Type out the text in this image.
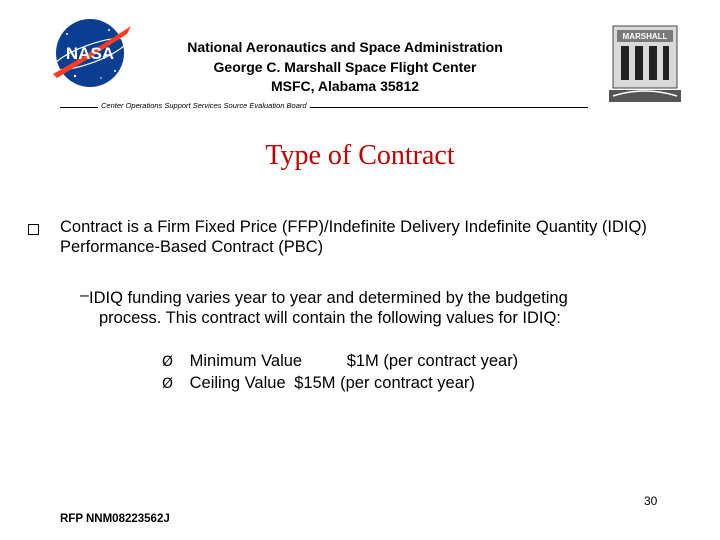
NASA	National Aeronautics and Space Administration
George C. Marshall Space Flight Center
MSFC, Alabama 35812
Center Operations Support Services Source Evaluation Board
MARSHALL
Type of Contract
Contract is a Firm Fixed Price (FFP)/Indefinite Delivery Indefinite Quantity (IDIQ) Performance-Based Contract (PBC)
– IDIQ funding varies year to year and determined by the budgeting
process. This contract will contain the following values for IDIQ:
Ø Minimum Value	$1M (per contract year)
Ø Ceiling Value $15M (per contract year)
30
RFP NNM08223562J
